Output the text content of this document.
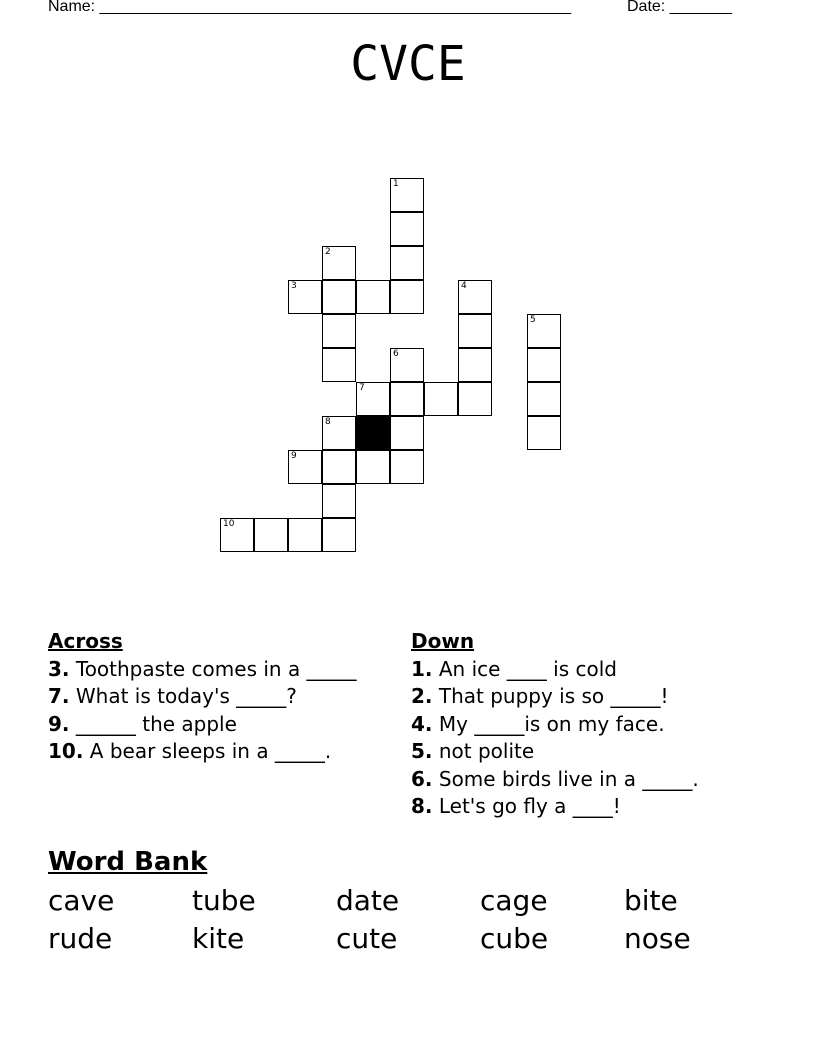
Name: _____________________________________________________	Date: _______
CVCE
1
2
3	4
5
6
7
8
9
10
Across
3. Toothpaste comes in a _____
7. What is today's _____?
9. ______ the apple
10. A bear sleeps in a _____.
Down
1. An ice ____ is cold
2. That puppy is so _____!
4. My _____is on my face.
5. not polite
6. Some birds live in a _____.
8. Let's go fly a ____!
Word Bank
cave	tube	date	cage	bite
rude	kite	cute	cube	nose
